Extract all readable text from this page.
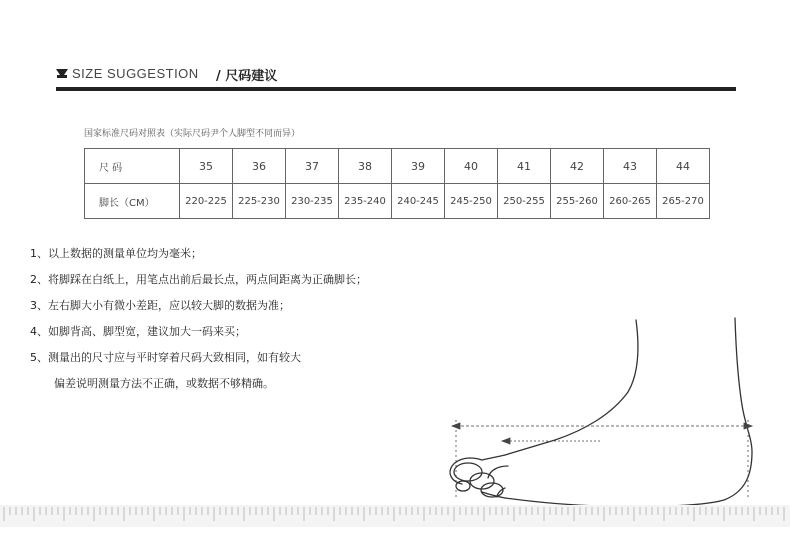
SIZE SUGGESTION / 尺码建议
国家标准尺码对照表（实际尺码尹个人脚型不同而异）
尺 码	35	36	37	38	39	40	41	42	43	44
脚长（CM）	220-225	225-230	230-235	235-240	240-245	245-250	250-255	255-260	260-265	265-270
1、以上数据的测量单位均为毫米；
2、将脚踩在白纸上，用笔点出前后最长点，两点间距离为正确脚长；
3、左右脚大小有微小差距，应以较大脚的数据为准；
4、如脚背高、脚型宽，建议加大一码来买；
5、测量出的尺寸应与平时穿着尺码大致相同，如有较大
偏差说明测量方法不正确，或数据不够精确。
